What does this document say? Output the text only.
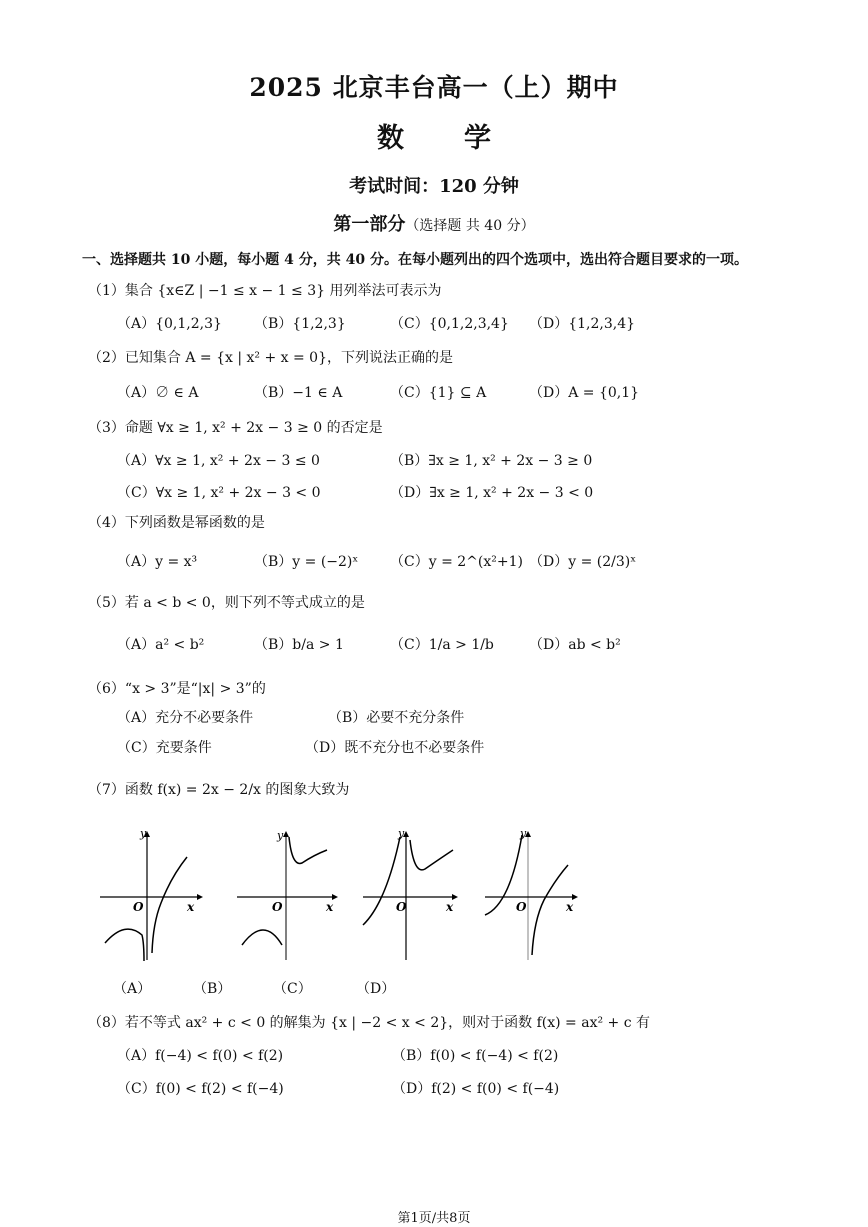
2025 北京丰台高一（上）期中
数学
考试时间：120 分钟
第一部分（选择题 共 40 分）
一、选择题共 10 小题，每小题 4 分，共 40 分。在每小题列出的四个选项中，选出符合题目要求的一项。
（1）集合 {x∈Z | −1 ≤ x − 1 ≤ 3} 用列举法可表示为
（A）{0,1,2,3} （B）{1,2,3}	（C）{0,1,2,3,4} （D）{1,2,3,4}
（2）已知集合 A = {x | x² + x = 0}，下列说法正确的是
（A）∅ ∈ A	（B）−1 ∈ A	（C）{1} ⊆ A	（D）A = {0,1}
（3）命题 ∀x ≥ 1, x² + 2x − 3 ≥ 0 的否定是
（A）∀x ≥ 1, x² + 2x − 3 ≤ 0	（B）∃x ≥ 1, x² + 2x − 3 ≥ 0
（C）∀x ≥ 1, x² + 2x − 3 < 0	（D）∃x ≥ 1, x² + 2x − 3 < 0
（4）下列函数是幂函数的是
（A）y = x³	（B）y = (−2)ˣ （C）y = 2^(x²+1) （D）y = (2/3)ˣ
（5）若 a < b < 0，则下列不等式成立的是
（A）a² < b²	（B）b/a > 1	（C）1/a > 1/b	（D）ab < b²
（6）“x > 3”是“|x| > 3”的
（A）充分不必要条件	（B）必要不充分条件
（C）充要条件	（D）既不充分也不必要条件
（7）函数 f(x) = 2x − 2/x 的图象大致为
y
x
O
y
x
O
y
x
O
y
x
O
（A）	（B）	（C）	（D）
（8）若不等式 ax² + c < 0 的解集为 {x | −2 < x < 2}，则对于函数 f(x) = ax² + c 有
（A）f(−4) < f(0) < f(2)	（B）f(0) < f(−4) < f(2)
（C）f(0) < f(2) < f(−4)	（D）f(2) < f(0) < f(−4)
第1页/共8页
